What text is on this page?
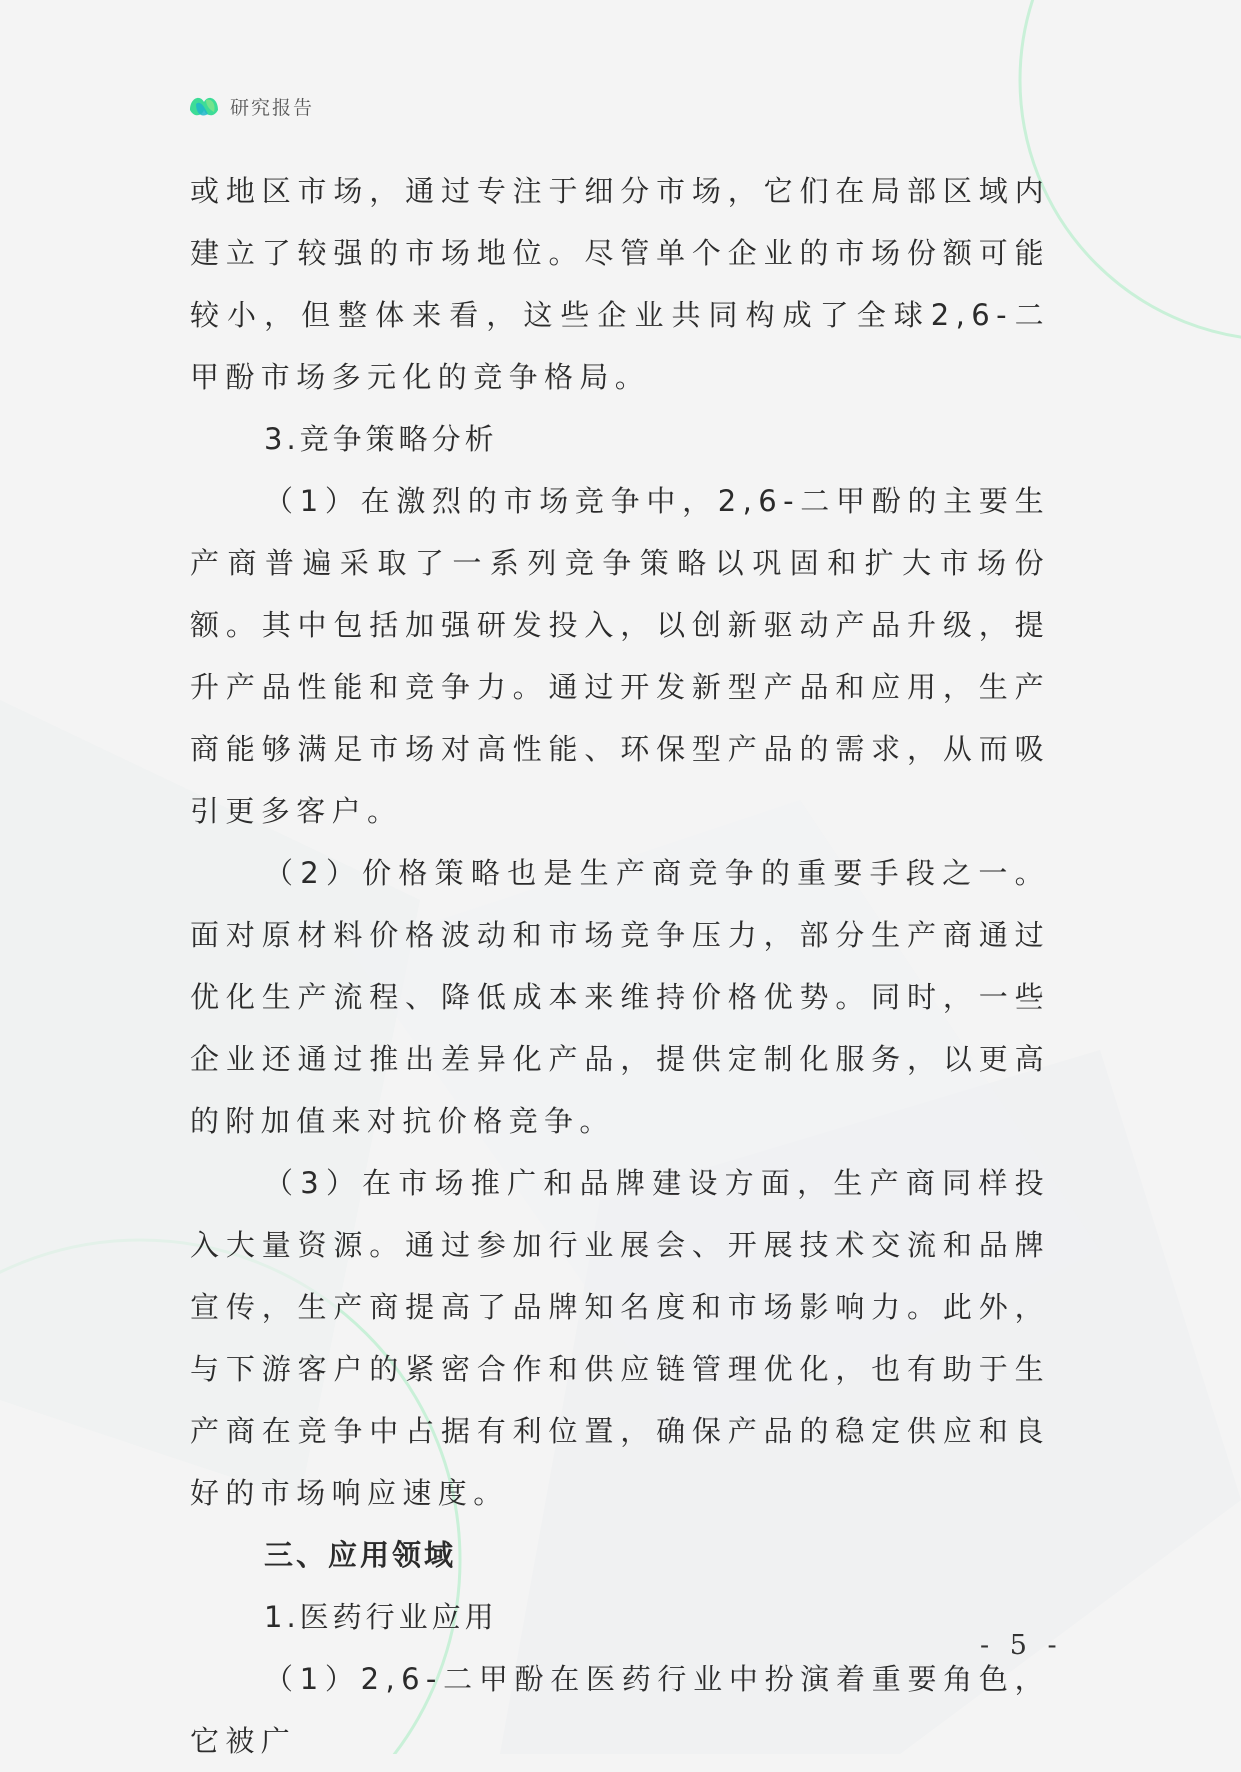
研究报告

或地区市场，通过专注于细分市场，它们在局部区域内建立了较强的市场地位。尽管单个企业的市场份额可能较小，但整体来看，这些企业共同构成了全球2,6-二甲酚市场多元化的竞争格局。

3.竞争策略分析

（1）在激烈的市场竞争中，2,6-二甲酚的主要生产商普遍采取了一系列竞争策略以巩固和扩大市场份额。其中包括加强研发投入，以创新驱动产品升级，提升产品性能和竞争力。通过开发新型产品和应用，生产商能够满足市场对高性能、环保型产品的需求，从而吸引更多客户。

（2）价格策略也是生产商竞争的重要手段之一。面对原材料价格波动和市场竞争压力，部分生产商通过优化生产流程、降低成本来维持价格优势。同时，一些企业还通过推出差异化产品，提供定制化服务，以更高的附加值来对抗价格竞争。

（3）在市场推广和品牌建设方面，生产商同样投入大量资源。通过参加行业展会、开展技术交流和品牌宣传，生产商提高了品牌知名度和市场影响力。此外，与下游客户的紧密合作和供应链管理优化，也有助于生产商在竞争中占据有利位置，确保产品的稳定供应和良好的市场响应速度。

三、应用领域

1.医药行业应用

（1）2,6-二甲酚在医药行业中扮演着重要角色，它被广

- 5 -
